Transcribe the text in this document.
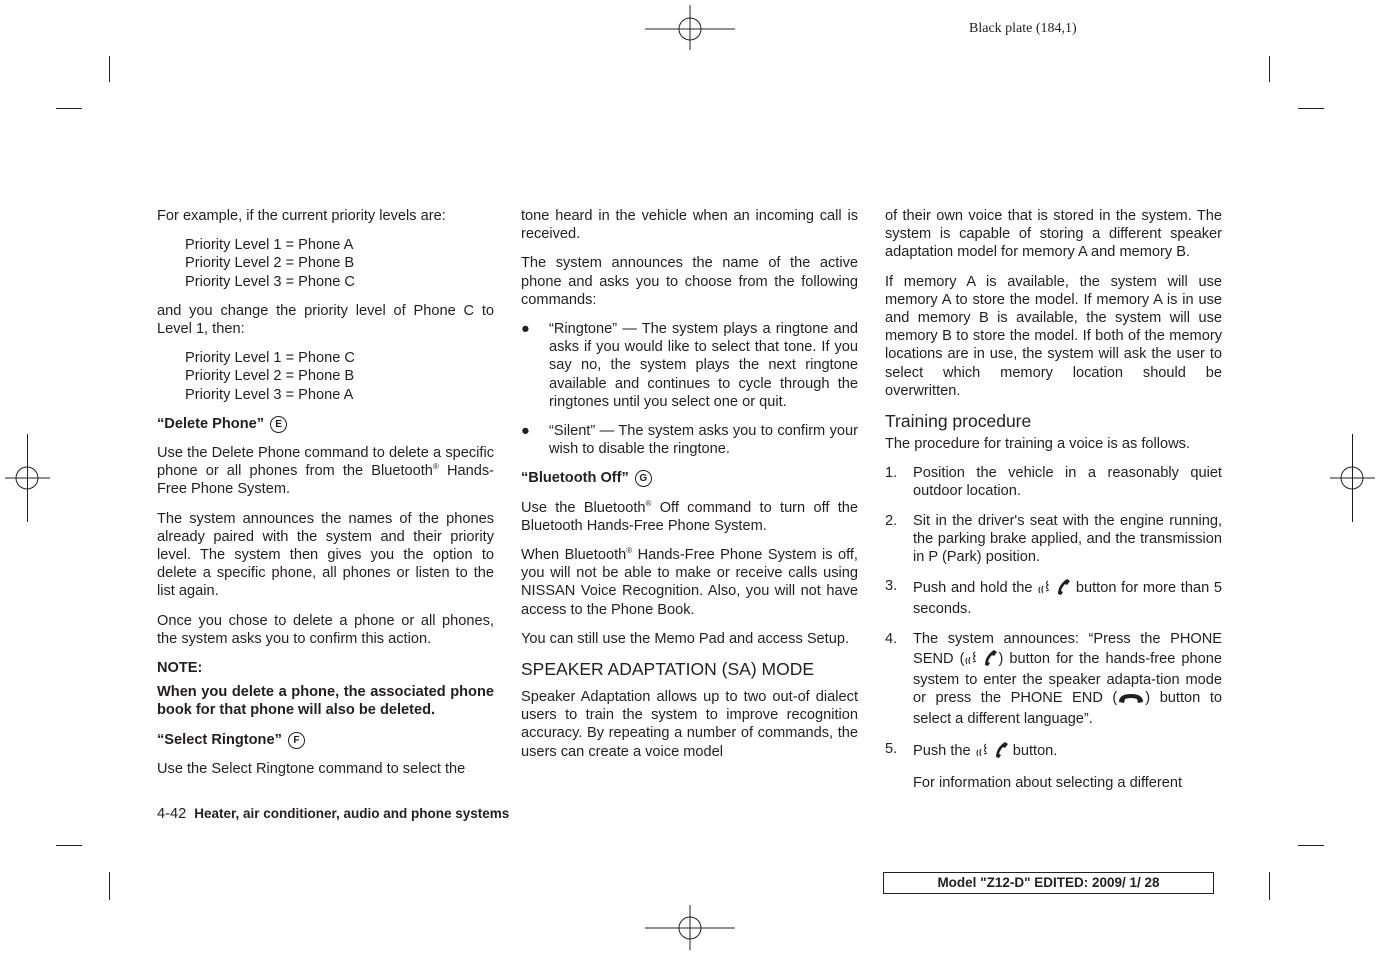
Black plate (184,1)

For example, if the current priority levels are:

Priority Level 1 = Phone A
Priority Level 2 = Phone B
Priority Level 3 = Phone C

and you change the priority level of Phone C to Level 1, then:

Priority Level 1 = Phone C
Priority Level 2 = Phone B
Priority Level 3 = Phone A
“Delete Phone” E

Use the Delete Phone command to delete a specific phone or all phones from the Bluetooth® Hands-Free Phone System.

The system announces the names of the phones already paired with the system and their priority level. The system then gives you the option to delete a specific phone, all phones or listen to the list again.

Once you chose to delete a phone or all phones, the system asks you to confirm this action.

NOTE:

When you delete a phone, the associated phone book for that phone will also be deleted.

“Select Ringtone” F

Use the Select Ringtone command to select the

tone heard in the vehicle when an incoming call is received.

The system announces the name of the active phone and asks you to choose from the following commands:

● “Ringtone” — The system plays a ringtone and asks if you would like to select that tone. If you say no, the system plays the next ringtone available and continues to cycle through the ringtones until you select one or quit.
● “Silent” — The system asks you to confirm your wish to disable the ringtone.
“Bluetooth Off” G

Use the Bluetooth® Off command to turn off the Bluetooth Hands-Free Phone System.

When Bluetooth® Hands-Free Phone System is off, you will not be able to make or receive calls using NISSAN Voice Recognition. Also, you will not have access to the Phone Book.

You can still use the Memo Pad and access Setup.

SPEAKER ADAPTATION (SA) MODE

Speaker Adaptation allows up to two out-of dialect users to train the system to improve recognition accuracy. By repeating a number of commands, the users can create a voice model

of their own voice that is stored in the system. The system is capable of storing a different speaker adaptation model for memory A and memory B.

If memory A is available, the system will use memory A to store the model. If memory A is in use and memory B is available, the system will use memory B to store the model. If both of the memory locations are in use, the system will ask the user to select which memory location should be overwritten.

Training procedure

The procedure for training a voice is as follows.

1. Position the vehicle in a reasonably quiet outdoor location.
2. Sit in the driver's seat with the engine running, the parking brake applied, and the transmission in P (Park) position.
3. Push and hold the  button for more than 5 seconds.
4. The system announces: “Press the PHONE SEND ( ) button for the hands-free phone system to enter the speaker adapta-tion mode or press the PHONE END ( ) button to select a different language”.
5. Push the  button.

For information about selecting a different

4-42 Heater, air conditioner, audio and phone systems
Model "Z12-D" EDITED: 2009/ 1/ 28
